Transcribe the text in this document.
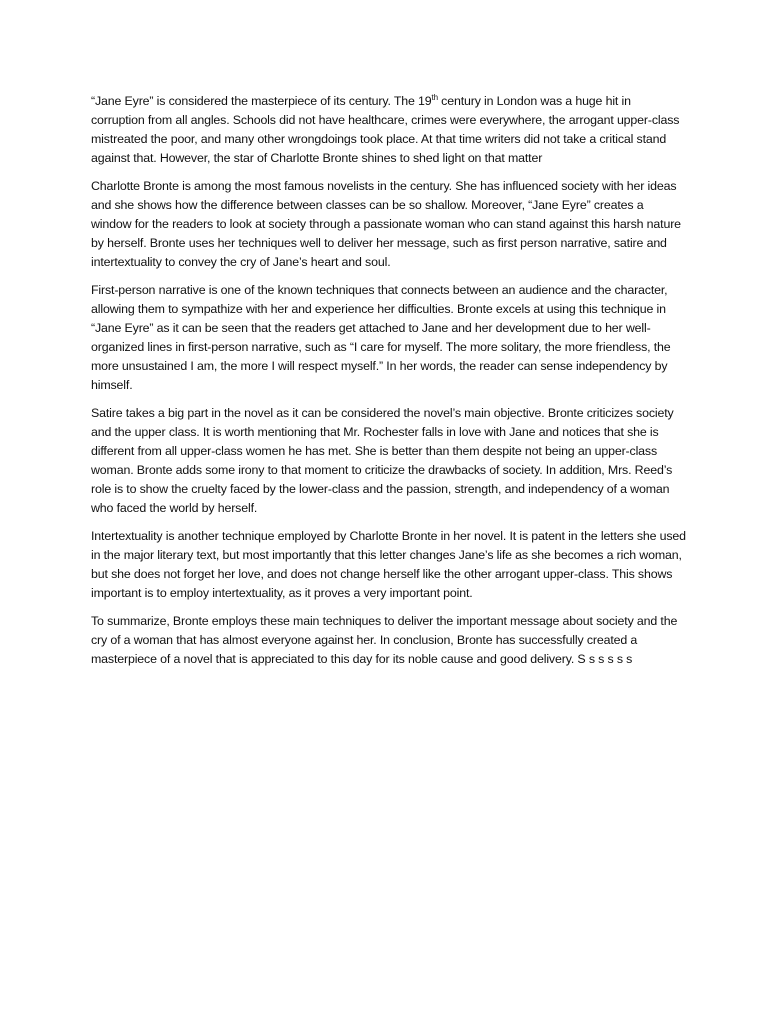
“Jane Eyre” is considered the masterpiece of its century. The 19th century in London was a huge hit in corruption from all angles. Schools did not have healthcare, crimes were everywhere, the arrogant upper-class mistreated the poor, and many other wrongdoings took place. At that time writers did not take a critical stand against that. However, the star of Charlotte Bronte shines to shed light on that matter

Charlotte Bronte is among the most famous novelists in the century. She has influenced society with her ideas and she shows how the difference between classes can be so shallow. Moreover, “Jane Eyre” creates a window for the readers to look at society through a passionate woman who can stand against this harsh nature by herself. Bronte uses her techniques well to deliver her message, such as first person narrative, satire and intertextuality to convey the cry of Jane’s heart and soul.

First-person narrative is one of the known techniques that connects between an audience and the character, allowing them to sympathize with her and experience her difficulties. Bronte excels at using this technique in “Jane Eyre” as it can be seen that the readers get attached to Jane and her development due to her well-organized lines in first-person narrative, such as “I care for myself. The more solitary, the more friendless, the more unsustained I am, the more I will respect myself.” In her words, the reader can sense independency by himself.

Satire takes a big part in the novel as it can be considered the novel’s main objective. Bronte criticizes society and the upper class. It is worth mentioning that Mr. Rochester falls in love with Jane and notices that she is different from all upper-class women he has met. She is better than them despite not being an upper-class woman. Bronte adds some irony to that moment to criticize the drawbacks of society. In addition, Mrs. Reed’s role is to show the cruelty faced by the lower-class and the passion, strength, and independency of a woman who faced the world by herself.

Intertextuality is another technique employed by Charlotte Bronte in her novel. It is patent in the letters she used in the major literary text, but most importantly that this letter changes Jane’s life as she becomes a rich woman, but she does not forget her love, and does not change herself like the other arrogant upper-class. This shows important is to employ intertextuality, as it proves a very important point.

To summarize, Bronte employs these main techniques to deliver the important message about society and the cry of a woman that has almost everyone against her. In conclusion, Bronte has successfully created a masterpiece of a novel that is appreciated to this day for its noble cause and good delivery. S s s s s s
